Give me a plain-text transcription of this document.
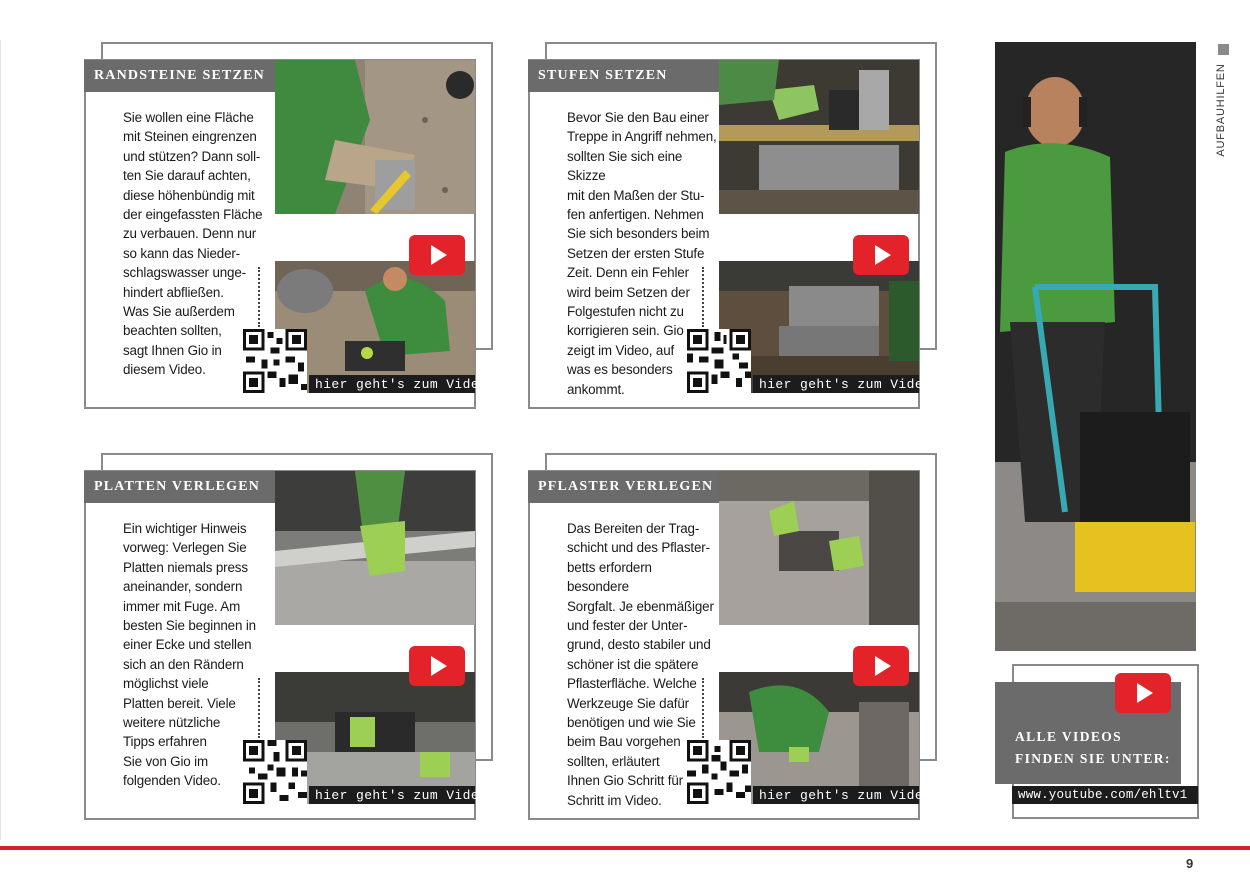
RANDSTEINE SETZEN
Sie wollen eine Fläche
mit Steinen eingrenzen
und stützen? Dann soll-
ten Sie darauf achten,
diese höhenbündig mit
der eingefassten Fläche
zu verbauen. Denn nur
so kann das Nieder-
schlagswasser unge-
hindert abfließen.
Was Sie außerdem
beachten sollten,
sagt Ihnen Gio in
diesem Video.
hier geht's zum Video
STUFEN SETZEN
Bevor Sie den Bau einer
Treppe in Angriff nehmen,
sollten Sie sich eine Skizze
mit den Maßen der Stu-
fen anfertigen. Nehmen
Sie sich besonders beim
Setzen der ersten Stufe
Zeit. Denn ein Fehler
wird beim Setzen der
Folgestufen nicht zu
korrigieren sein. Gio
zeigt im Video, auf
was es besonders
ankommt.	hier geht's zum Video
PLATTEN VERLEGEN
Ein wichtiger Hinweis
vorweg: Verlegen Sie
Platten niemals press
aneinander, sondern
immer mit Fuge. Am
besten Sie beginnen in
einer Ecke und stellen
sich an den Rändern
möglichst viele
Platten bereit. Viele
weitere nützliche
Tipps erfahren
Sie von Gio im
folgenden Video.
hier geht's zum Video
PFLASTER VERLEGEN
Das Bereiten der Trag-
schicht und des Pflaster-
betts erfordern besondere
Sorgfalt. Je ebenmäßiger
und fester der Unter-
grund, desto stabiler und
schöner ist die spätere
Pflasterfläche. Welche
Werkzeuge Sie dafür
benötigen und wie Sie
beim Bau vorgehen
sollten, erläutert
Ihnen Gio Schritt für
Schritt im Video.	hier geht's zum Video
AUFBAUHILFEN
ALLE VIDEOS
FINDEN SIE UNTER:
www.youtube.com/ehltv1
9
